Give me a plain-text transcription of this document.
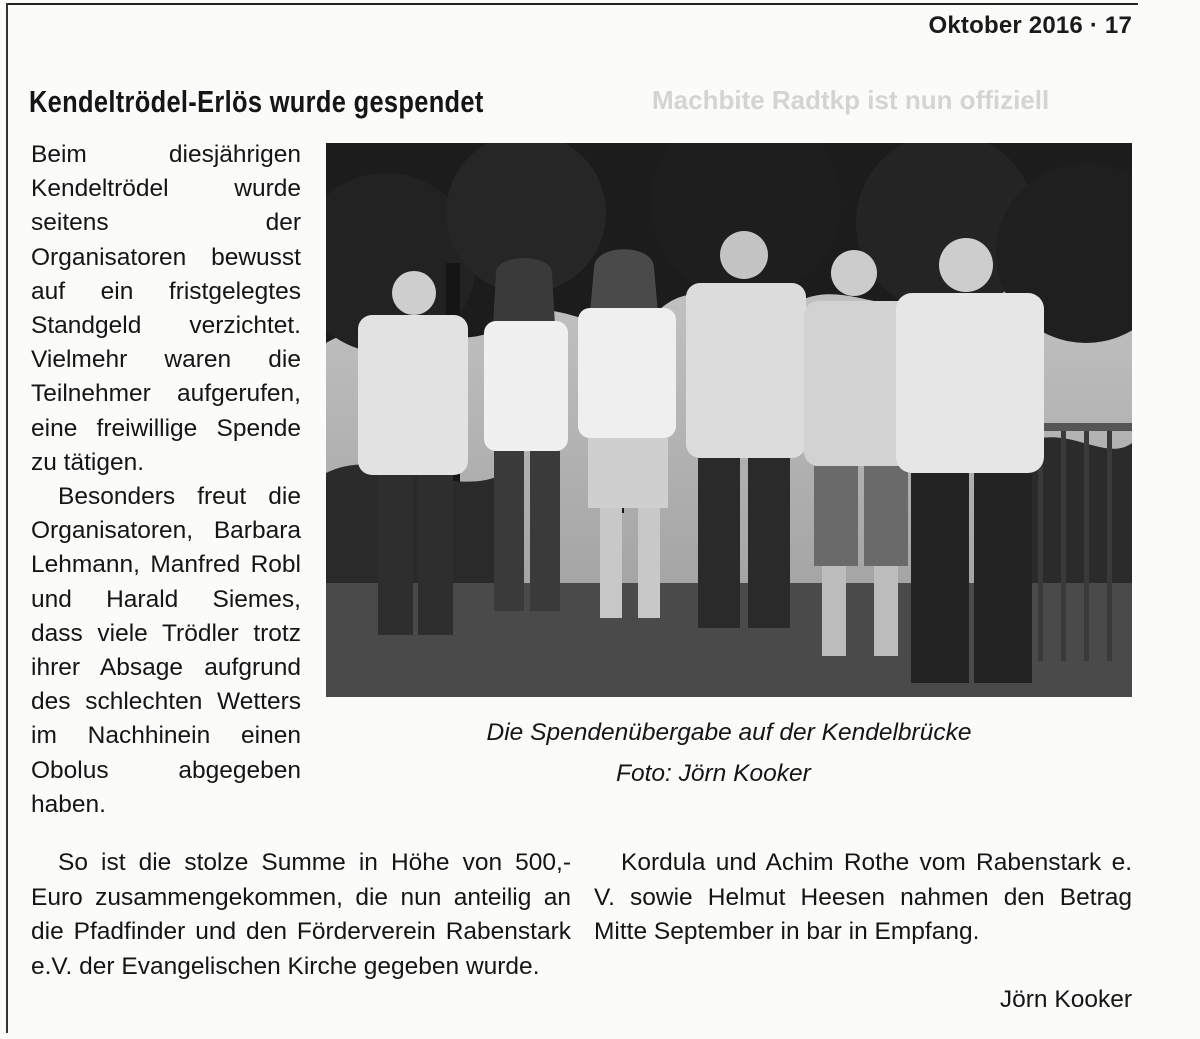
Oktober 2016 · 17
Machbite Radtkp ist nun offiziell
Kendeltrödel-Erlös wurde gespendet

Beim diesjährigen Kendeltrödel wurde seitens der Organisatoren bewusst auf ein fristgelegtes Standgeld verzichtet. Vielmehr waren die Teilnehmer aufgerufen, eine freiwillige Spende zu tätigen.

Besonders freut die Organisatoren, Barbara Lehmann, Manfred Robl und Harald Siemes, dass viele Trödler trotz ihrer Absage aufgrund des schlechten Wetters im Nachhinein einen Obolus abgegeben haben.

Die Spendenübergabe auf der Kendelbrücke
Foto: Jörn Kooker

So ist die stolze Summe in Höhe von 500,- Euro zusammengekommen, die nun anteilig an die Pfadfinder und den Förderverein Rabenstark e.V. der Evangelischen Kirche gegeben wurde.

Kordula und Achim Rothe vom Rabenstark e. V. sowie Helmut Heesen nahmen den Betrag Mitte September in bar in Empfang.

Jörn Kooker
